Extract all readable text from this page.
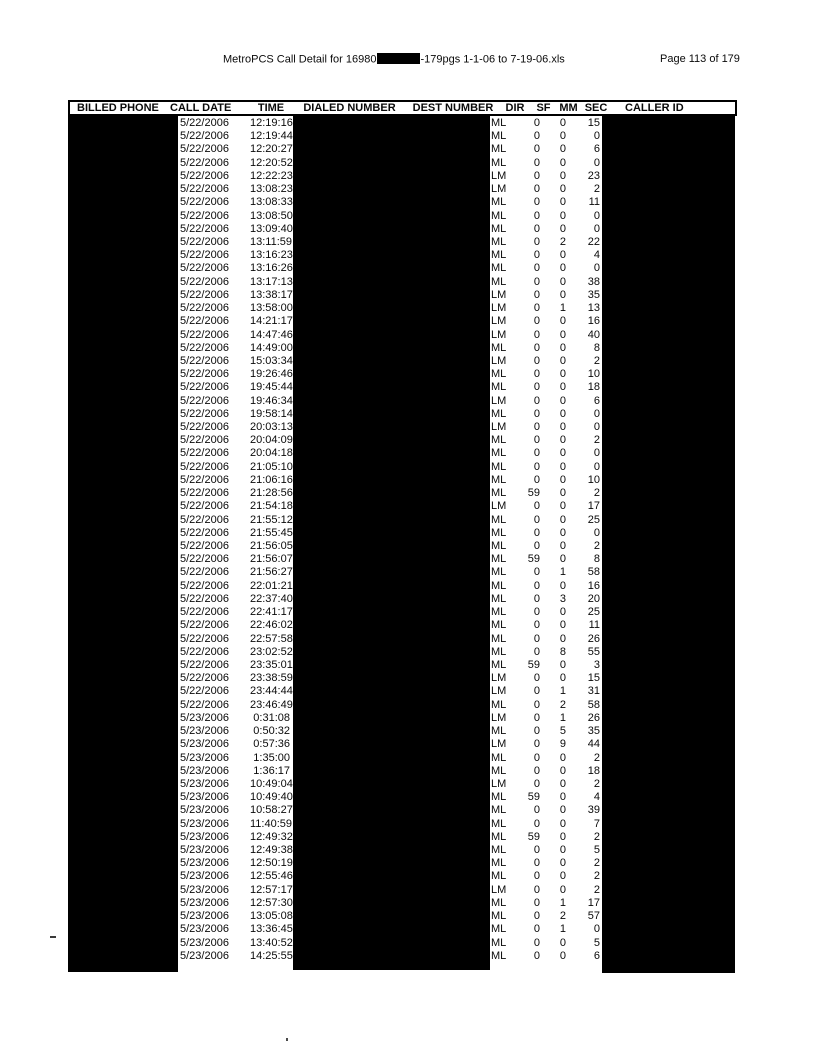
MetroPCS Call Detail for 16980	-179pgs 1-1-06 to 7-19-06.xls	Page 113 of 179
BILLED PHONE	CALL DATE	TIME	DIALED NUMBER	DEST NUMBER	DIR	SF MM SEC	CALLER ID
5/22/2006	12:19:16	ML	0	0	15
5/22/2006	12:19:44	ML	0	0	0
5/22/2006	12:20:27	ML	0	0	6
5/22/2006	12:20:52	ML	0	0	0
5/22/2006	12:22:23	LM	0	0	23
5/22/2006	13:08:23	LM	0	0	2
5/22/2006	13:08:33	ML	0	0	11
5/22/2006	13:08:50	ML	0	0	0
5/22/2006	13:09:40	ML	0	0	0
5/22/2006	13:11:59	ML	0	2	22
5/22/2006	13:16:23	ML	0	0	4
5/22/2006	13:16:26	ML	0	0	0
5/22/2006	13:17:13	ML	0	0	38
5/22/2006	13:38:17	LM	0	0	35
5/22/2006	13:58:00	LM	0	1	13
5/22/2006	14:21:17	LM	0	0	16
5/22/2006	14:47:46	LM	0	0	40
5/22/2006	14:49:00	ML	0	0	8
5/22/2006	15:03:34	LM	0	0	2
5/22/2006	19:26:46	ML	0	0	10
5/22/2006	19:45:44	ML	0	0	18
5/22/2006	19:46:34	LM	0	0	6
5/22/2006	19:58:14	ML	0	0	0
5/22/2006	20:03:13	LM	0	0	0
5/22/2006	20:04:09	ML	0	0	2
5/22/2006	20:04:18	ML	0	0	0
5/22/2006	21:05:10	ML	0	0	0
5/22/2006	21:06:16	ML	0	0	10
5/22/2006	21:28:56	ML	59	0	2
5/22/2006	21:54:18	LM	0	0	17
5/22/2006	21:55:12	ML	0	0	25
5/22/2006	21:55:45	ML	0	0	0
5/22/2006	21:56:05	ML	0	0	2
5/22/2006	21:56:07	ML	59	0	8
5/22/2006	21:56:27	ML	0	1	58
5/22/2006	22:01:21	ML	0	0	16
5/22/2006	22:37:40	ML	0	3	20
5/22/2006	22:41:17	ML	0	0	25
5/22/2006	22:46:02	ML	0	0	11
5/22/2006	22:57:58	ML	0	0	26
5/22/2006	23:02:52	ML	0	8	55
5/22/2006	23:35:01	ML	59	0	3
5/22/2006	23:38:59	LM	0	0	15
5/22/2006	23:44:44	LM	0	1	31
5/22/2006	23:46:49	ML	0	2	58
5/23/2006	0:31:08	LM	0	1	26
5/23/2006	0:50:32	ML	0	5	35
5/23/2006	0:57:36	LM	0	9	44
5/23/2006	1:35:00	ML	0	0	2
5/23/2006	1:36:17	ML	0	0	18
5/23/2006	10:49:04	LM	0	0	2
5/23/2006	10:49:40	ML	59	0	4
5/23/2006	10:58:27	ML	0	0	39
5/23/2006	11:40:59	ML	0	0	7
5/23/2006	12:49:32	ML	59	0	2
5/23/2006	12:49:38	ML	0	0	5
5/23/2006	12:50:19	ML	0	0	2
5/23/2006	12:55:46	ML	0	0	2
5/23/2006	12:57:17	LM	0	0	2
5/23/2006	12:57:30	ML	0	1	17
5/23/2006	13:05:08	ML	0	2	57
5/23/2006	13:36:45	ML	0	1	0
5/23/2006	13:40:52	ML	0	0	5
5/23/2006	14:25:55	ML	0	0	6
